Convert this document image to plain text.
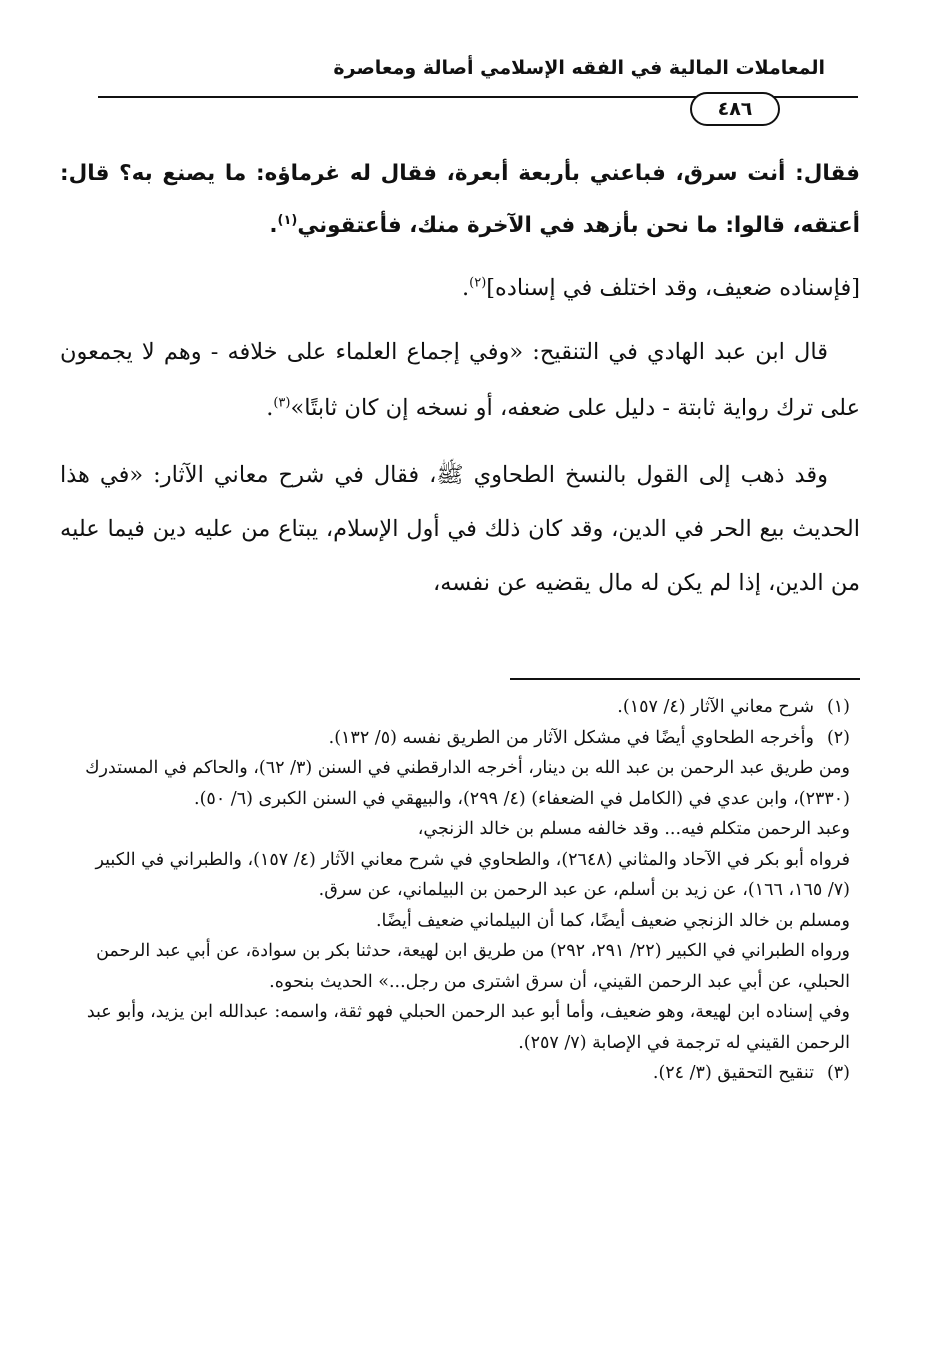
المعاملات المالية في الفقه الإسلامي أصالة ومعاصرة
٤٨٦

فقال: أنت سرق، فباعني بأربعة أبعرة، فقال له غرماؤه: ما يصنع به؟ قال: أعتقه، قالوا: ما نحن بأزهد في الآخرة منك، فأعتقوني$^{(١)}$.

[فإسناده ضعيف، وقد اختلف في إسناده]$^{(٢)}$.

قال ابن عبد الهادي في التنقيح: «وفي إجماع العلماء على خلافه - وهم لا يجمعون على ترك رواية ثابتة - دليل على ضعفه، أو نسخه إن كان ثابتًا»$^{(٣)}$.

وقد ذهب إلى القول بالنسخ الطحاوي ﷺ، فقال في شرح معاني الآثار: «في هذا الحديث بيع الحر في الدين، وقد كان ذلك في أول الإسلام، يبتاع من عليه دين فيما عليه من الدين، إذا لم يكن له مال يقضيه عن نفسه،

(١)شرح معاني الآثار (٤/ ١٥٧).
(٢)وأخرجه الطحاوي أيضًا في مشكل الآثار من الطريق نفسه (٥/ ١٣٢).
ومن طريق عبد الرحمن بن عبد الله بن دينار، أخرجه الدارقطني في السنن (٣/ ٦٢)، والحاكم في المستدرك (٢٣٣٠)، وابن عدي في (الكامل في الضعفاء) (٤/ ٢٩٩)، والبيهقي في السنن الكبرى (٦/ ٥٠).
وعبد الرحمن متكلم فيه... وقد خالفه مسلم بن خالد الزنجي،
فرواه أبو بكر في الآحاد والمثاني (٢٦٤٨)، والطحاوي في شرح معاني الآثار (٤/ ١٥٧)، والطبراني في الكبير (٧/ ١٦٥، ١٦٦)، عن زيد بن أسلم، عن عبد الرحمن بن البيلماني، عن سرق.
ومسلم بن خالد الزنجي ضعيف أيضًا، كما أن البيلماني ضعيف أيضًا.
ورواه الطبراني في الكبير (٢٢/ ٢٩١، ٢٩٢) من طريق ابن لهيعة، حدثنا بكر بن سوادة، عن أبي عبد الرحمن الحبلي، عن أبي عبد الرحمن القيني، أن سرق اشترى من رجل...» الحديث بنحوه.
وفي إسناده ابن لهيعة، وهو ضعيف، وأما أبو عبد الرحمن الحبلي فهو ثقة، واسمه: عبدالله ابن يزيد، وأبو عبد الرحمن القيني له ترجمة في الإصابة (٧/ ٢٥٧).
(٣)تنقيح التحقيق (٣/ ٢٤).
